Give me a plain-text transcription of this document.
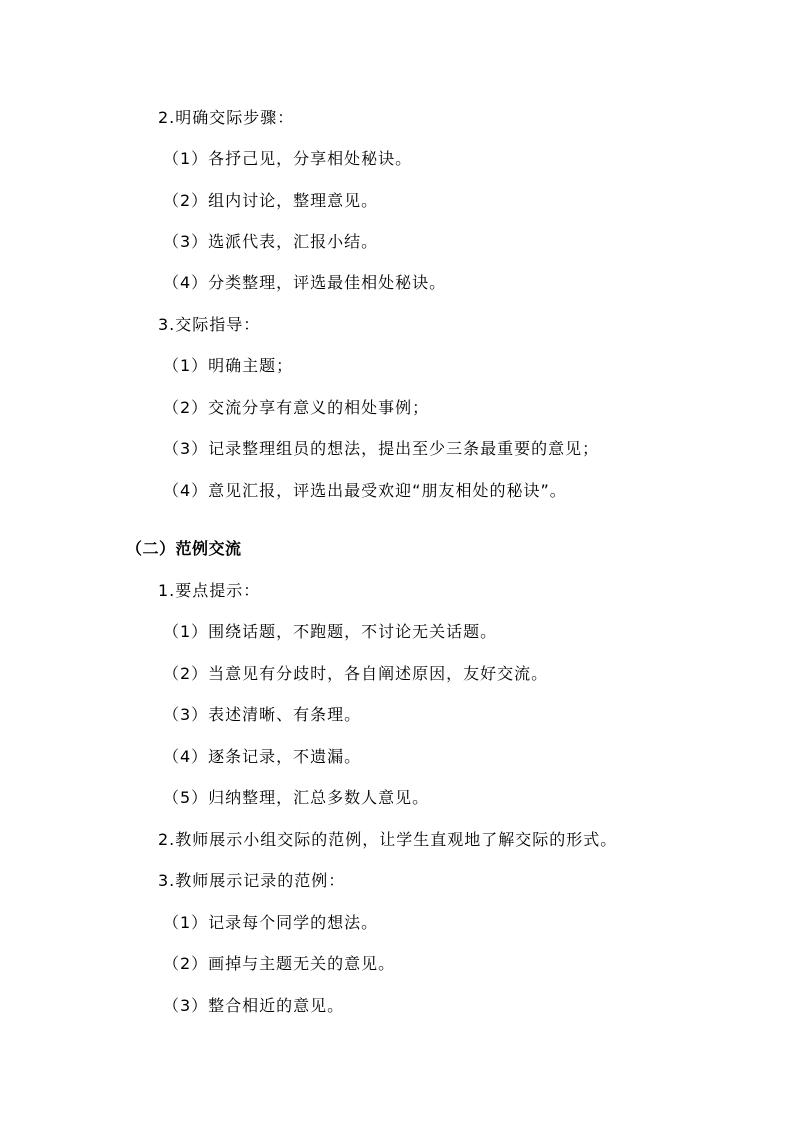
2.明确交际步骤：
（1）各抒己见，分享相处秘诀。
（2）组内讨论，整理意见。
（3）选派代表，汇报小结。
（4）分类整理，评选最佳相处秘诀。
3.交际指导：
（1）明确主题；
（2）交流分享有意义的相处事例；
（3）记录整理组员的想法，提出至少三条最重要的意见；
（4）意见汇报，评选出最受欢迎“朋友相处的秘诀”。
（二）范例交流
1.要点提示：
（1）围绕话题，不跑题，不讨论无关话题。
（2）当意见有分歧时，各自阐述原因，友好交流。
（3）表述清晰、有条理。
（4）逐条记录，不遗漏。
（5）归纳整理，汇总多数人意见。
2.教师展示小组交际的范例，让学生直观地了解交际的形式。
3.教师展示记录的范例：
（1）记录每个同学的想法。
（2）画掉与主题无关的意见。
（3）整合相近的意见。
